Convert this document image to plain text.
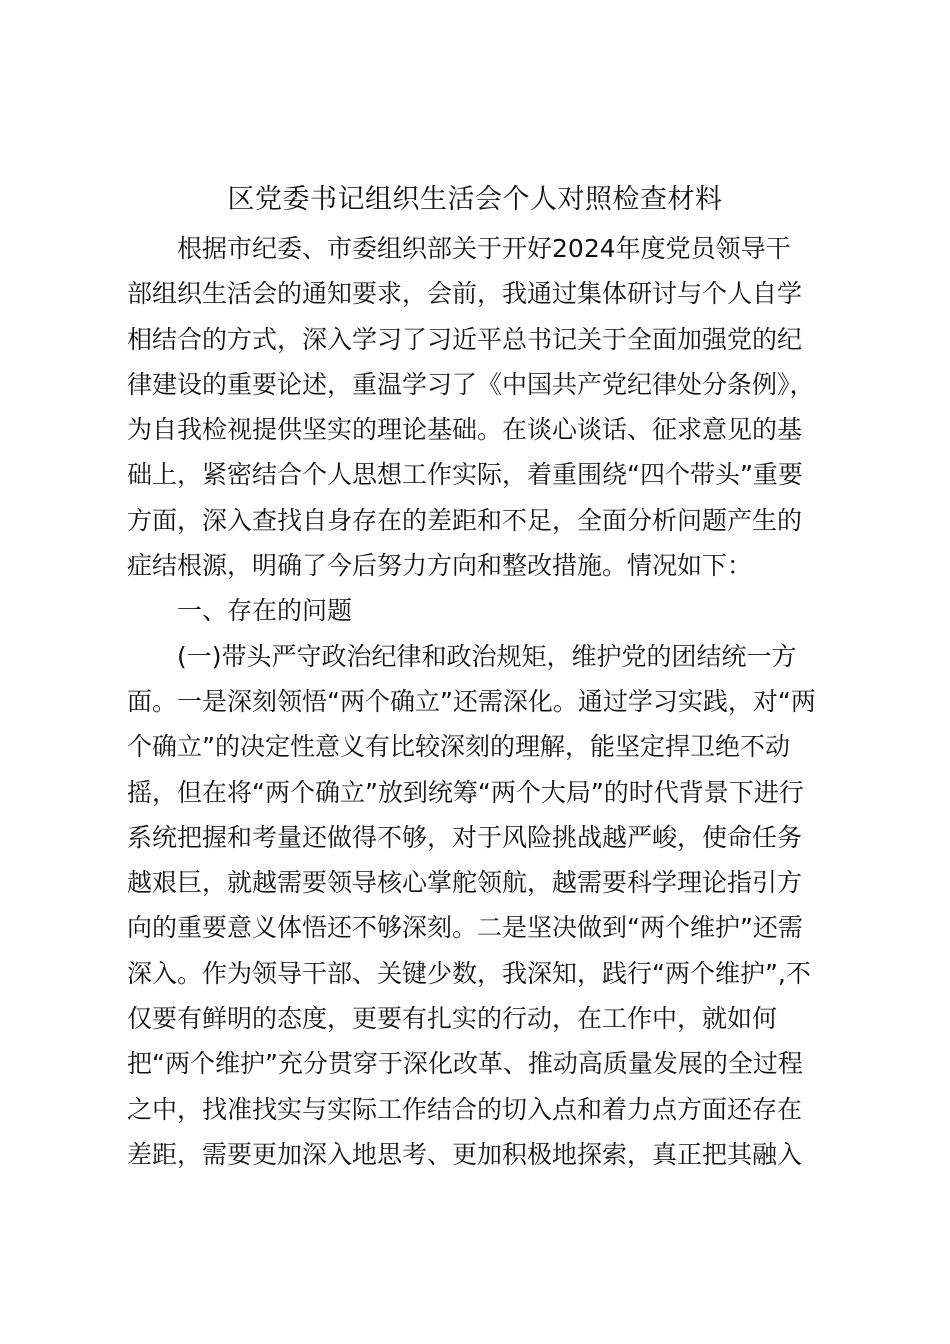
区党委书记组织生活会个人对照检查材料
根据市纪委、市委组织部关于开好2024年度党员领导干
部组织生活会的通知要求，会前，我通过集体研讨与个人自学
相结合的方式，深入学习了习近平总书记关于全面加强党的纪
律建设的重要论述，重温学习了《中国共产党纪律处分条例》，
为自我检视提供坚实的理论基础。在谈心谈话、征求意见的基
础上，紧密结合个人思想工作实际，着重围绕“四个带头”重要
方面，深入查找自身存在的差距和不足，全面分析问题产生的
症结根源，明确了今后努力方向和整改措施。情况如下：
一、存在的问题
(一)带头严守政治纪律和政治规矩，维护党的团结统一方
面。一是深刻领悟“两个确立”还需深化。通过学习实践，对“两
个确立”的决定性意义有比较深刻的理解，能坚定捍卫绝不动
摇，但在将“两个确立”放到统筹“两个大局”的时代背景下进行
系统把握和考量还做得不够，对于风险挑战越严峻，使命任务
越艰巨，就越需要领导核心掌舵领航，越需要科学理论指引方
向的重要意义体悟还不够深刻。二是坚决做到“两个维护”还需
深入。作为领导干部、关键少数，我深知，践行“两个维护”,不
仅要有鲜明的态度，更要有扎实的行动，在工作中，就如何
把“两个维护”充分贯穿于深化改革、推动高质量发展的全过程
之中，找准找实与实际工作结合的切入点和着力点方面还存在
差距，需要更加深入地思考、更加积极地探索，真正把其融入
